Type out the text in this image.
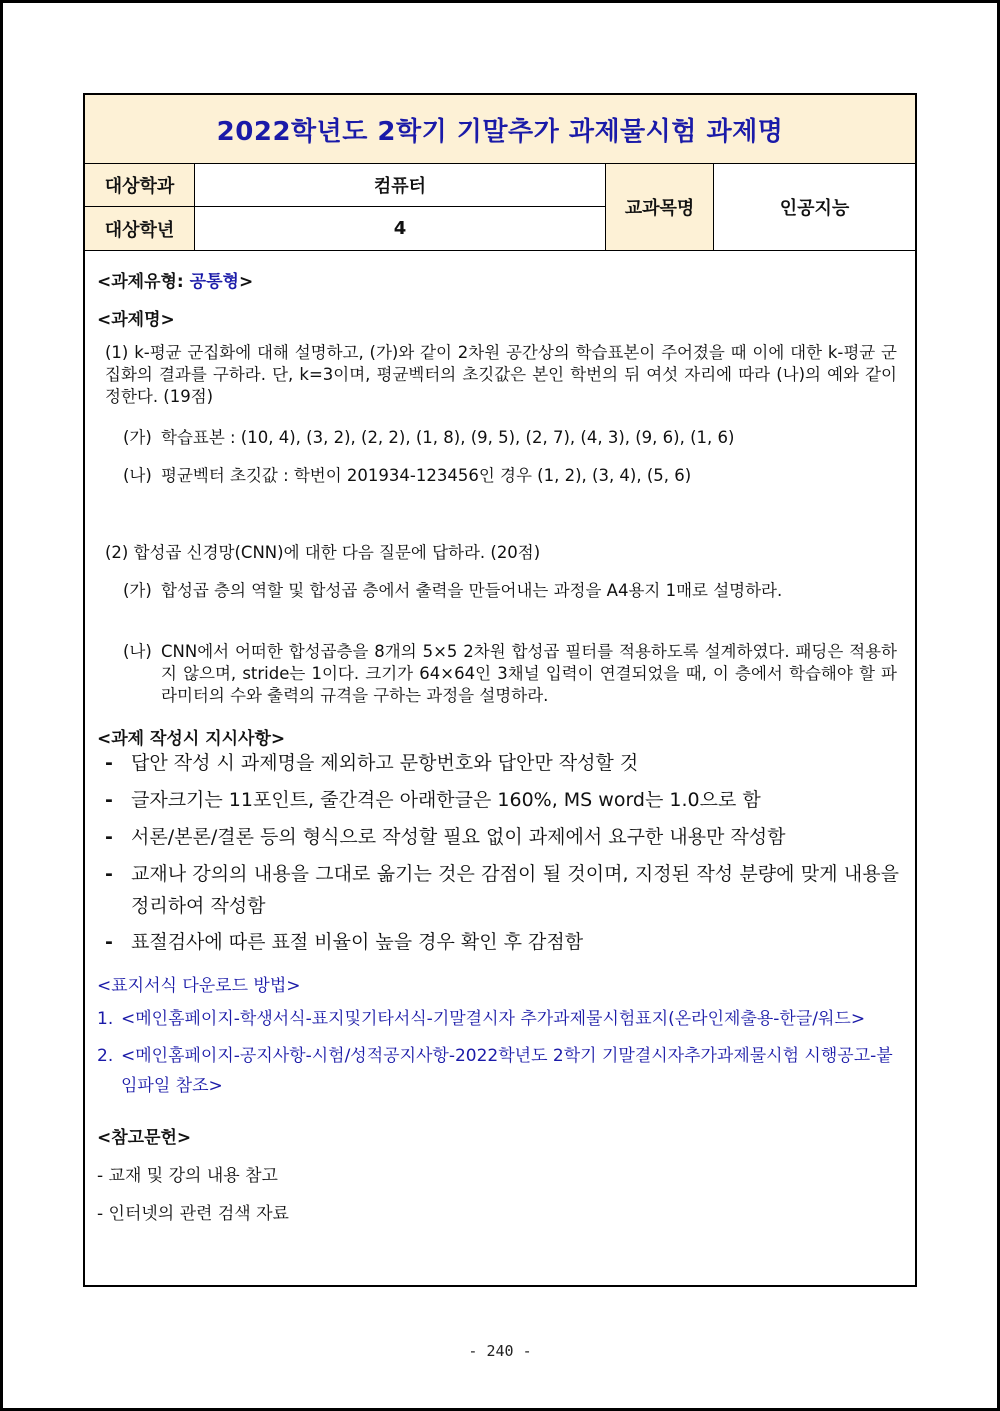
2022학년도 2학기 기말추가 과제물시험 과제명
대상학과	컴퓨터
대상학년	4
교과목명	인공지능
<과제유형: 공통형>
<과제명>
(1) k-평균 군집화에 대해 설명하고, (가)와 같이 2차원 공간상의 학습표본이 주어졌을 때 이에 대한 k-평균 군집화의 결과를 구하라. 단, k=3이며, 평균벡터의 초깃값은 본인 학번의 뒤 여섯 자리에 따라 (나)의 예와 같이 정한다. (19점)
(가) 학습표본 : (10, 4), (3, 2), (2, 2), (1, 8), (9, 5), (2, 7), (4, 3), (9, 6), (1, 6)
(나) 평균벡터 초깃값 : 학번이 201934-123456인 경우 (1, 2), (3, 4), (5, 6)
(2) 합성곱 신경망(CNN)에 대한 다음 질문에 답하라. (20점)
(가) 합성곱 층의 역할 및 합성곱 층에서 출력을 만들어내는 과정을 A4용지 1매로 설명하라.
(나) CNN에서 어떠한 합성곱층을 8개의 5×5 2차원 합성곱 필터를 적용하도록 설계하였다. 패딩은 적용하지 않으며, stride는 1이다. 크기가 64×64인 3채널 입력이 연결되었을 때, 이 층에서 학습해야 할 파라미터의 수와 출력의 규격을 구하는 과정을 설명하라.
<과제 작성시 지시사항>
- 답안 작성 시 과제명을 제외하고 문항번호와 답안만 작성할 것
- 글자크기는 11포인트, 줄간격은 아래한글은 160%, MS word는 1.0으로 함
- 서론/본론/결론 등의 형식으로 작성할 필요 없이 과제에서 요구한 내용만 작성함
- 교재나 강의의 내용을 그대로 옮기는 것은 감점이 될 것이며, 지정된 작성 분량에 맞게 내용을 정리하여 작성함
- 표절검사에 따른 표절 비율이 높을 경우 확인 후 감점함
<표지서식 다운로드 방법>
1. <메인홈페이지-학생서식-표지및기타서식-기말결시자 추가과제물시험표지(온라인제출용-한글/워드>
2. <메인홈페이지-공지사항-시험/성적공지사항-2022학년도 2학기 기말결시자추가과제물시험 시행공고-붙임파일 참조>
<참고문헌>
- 교재 및 강의 내용 참고
- 인터넷의 관련 검색 자료
- 240 -
